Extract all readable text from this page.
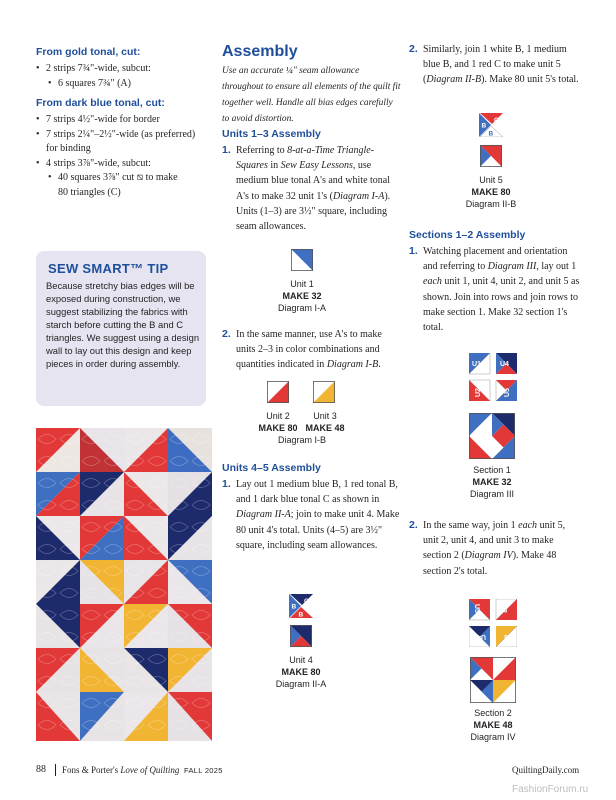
From gold tonal, cut:
• 2 strips 7¾"-wide, subcut:
• 6 squares 7¾" (A)
From dark blue tonal, cut:
• 7 strips 4½"-wide for border
• 7 strips 2¼"–2½"-wide (as preferred)
for binding
• 4 strips 3⅞"-wide, subcut:
• 40 squares 3⅞" cut ⧅ to make
80 triangles (C)
SEW SMART™ TIP
Because stretchy bias edges will be exposed during construction, we suggest stabilizing the fabrics with starch before cutting the B and C triangles. We suggest using a design wall to lay out this design and keep pieces in order during assembly.
Assembly
Use an accurate ¼" seam allowance throughout to ensure all elements of the quilt fit together well. Handle all bias edges carefully to avoid distortion.
Units 1–3 Assembly
1. Referring to 8-at-a-Time Triangle-Squares in Sew Easy Lessons, use medium blue tonal A's and white tonal A's to make 32 unit 1's (Diagram I-A). Units (1–3) are 3½" square, including seam allowances.
Unit 1
MAKE 32
Diagram I-A
2. In the same manner, use A's to make units 2–3 in color combinations and quantities indicated in Diagram I-B.
Unit 2
MAKE 80
Unit 3
MAKE 48
Diagram I-B
Units 4–5 Assembly
1. Lay out 1 medium blue B, 1 red tonal B, and 1 dark blue tonal C as shown in Diagram II-A; join to make unit 4. Make 80 unit 4's total. Units (4–5) are 3½" square, including seam allowances.
B
C
B
Unit 4
MAKE 80
Diagram II-A
2. Similarly, join 1 white B, 1 medium blue B, and 1 red C to make unit 5 (Diagram II-B). Make 80 unit 5's total.
B
C
B
Unit 5
MAKE 80
Diagram II-B
Sections 1–2 Assembly
1. Watching placement and orientation and referring to Diagram III, lay out 1 each unit 1, unit 4, unit 2, and unit 5 as shown. Join into rows and join rows to make section 1. Make 32 section 1's total.
U1	U4
U2	U5
Section 1
MAKE 32
Diagram III
2. In the same way, join 1 each unit 5, unit 2, unit 4, and unit 3 to make section 2 (Diagram IV). Make 48 section 2's total.
U5	U2
U4	U3
Section 2
MAKE 48
Diagram IV
88 Fons & Porter's Love of Quilting FALL 2025	QuiltingDaily.com
FashionForum.ru
